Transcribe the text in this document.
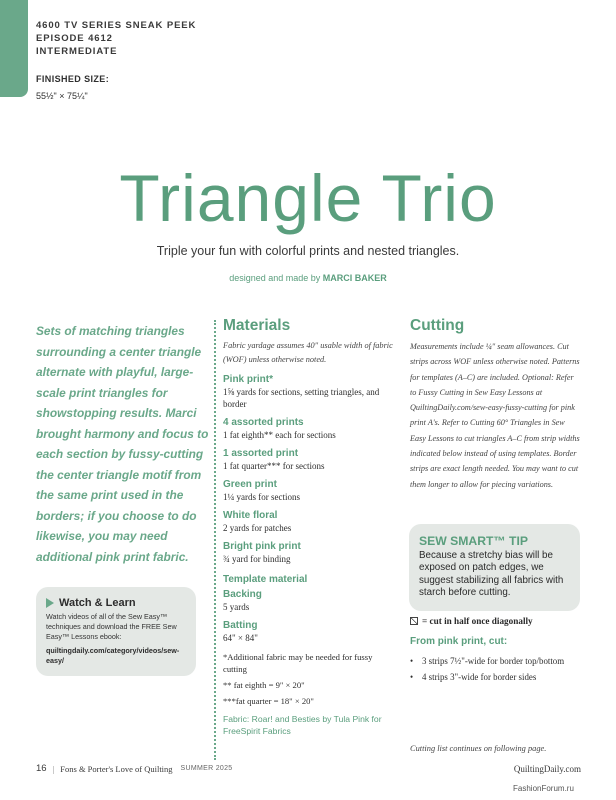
4600 TV SERIES SNEAK PEEK
EPISODE 4612
INTERMEDIATE
FINISHED SIZE:
55½" × 75¼"
Triangle Trio
Triple your fun with colorful prints and nested triangles.
designed and made by MARCI BAKER
Sets of matching triangles surrounding a center triangle alternate with playful, large-scale print triangles for showstopping results. Marci brought harmony and focus to each section by fussy-cutting the center triangle motif from the same print used in the borders; if you choose to do likewise, you may need additional pink print fabric.
Watch & Learn
Watch videos of all of the Sew Easy™ techniques and download the FREE Sew Easy™ Lessons ebook:
quiltingdaily.com/category/videos/sew-easy/
Materials
Fabric yardage assumes 40" usable width of fabric (WOF) unless otherwise noted.
Pink print*
1⅝ yards for sections, setting triangles, and border
4 assorted prints
1 fat eighth** each for sections
1 assorted print
1 fat quarter*** for sections
Green print
1¼ yards for sections
White floral
2 yards for patches
Bright pink print
¾ yard for binding
Template material
Backing
5 yards
Batting
64" × 84"
*Additional fabric may be needed for fussy cutting
** fat eighth = 9" × 20"
***fat quarter = 18" × 20"
Fabric: Roar! and Besties by Tula Pink for FreeSpirit Fabrics
Cutting
Measurements include ¼" seam allowances. Cut strips across WOF unless otherwise noted. Patterns for templates (A–C) are included. Optional: Refer to Fussy Cutting in Sew Easy Lessons at QuiltingDaily.com/sew-easy-fussy-cutting for pink print A's. Refer to Cutting 60° Triangles in Sew Easy Lessons to cut triangles A–C from strip widths indicated below instead of using templates. Border strips are exact length needed. You may want to cut them longer to allow for piecing variations.
SEW SMART™ TIP
Because a stretchy bias will be exposed on patch edges, we suggest stabilizing all fabrics with starch before cutting.
= cut in half once diagonally
From pink print, cut:
• 3 strips 7½"-wide for border top/bottom
• 4 strips 3"-wide for border sides
Cutting list continues on following page.
16 | Fons & Porter's Love of Quilting SUMMER 2025	QuiltingDaily.com
FashionForum.ru
